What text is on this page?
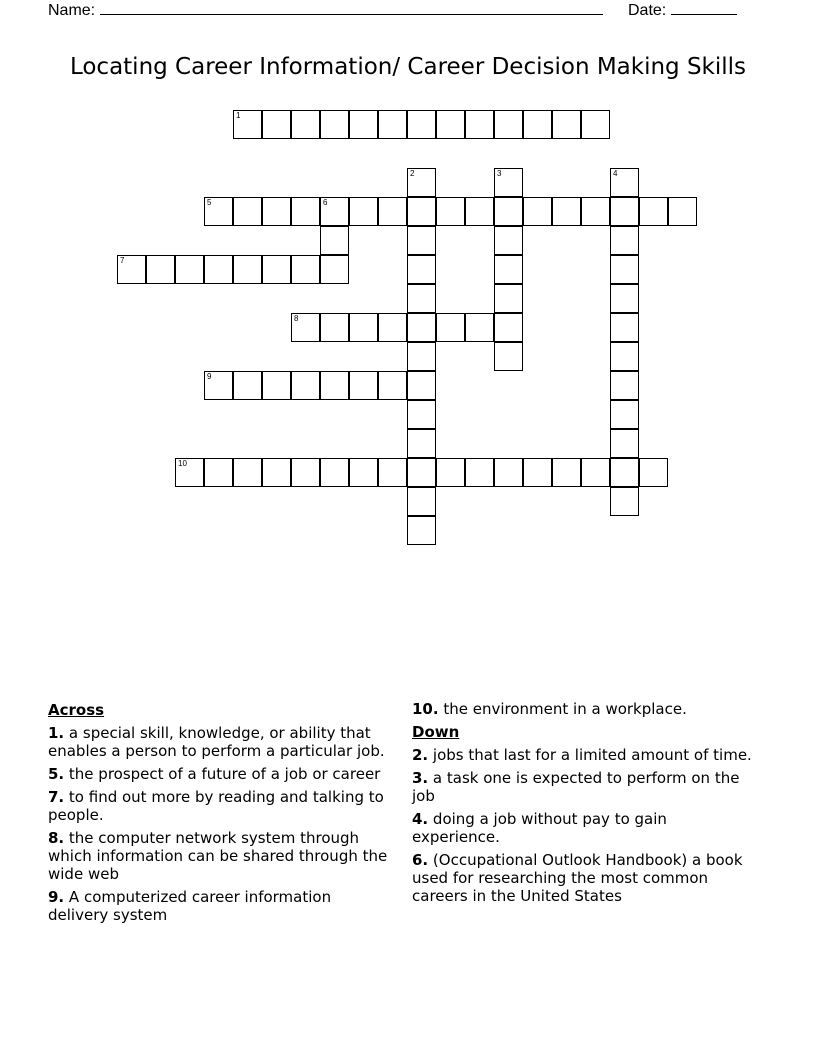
Name:	Date:
Locating Career Information/ Career Decision Making Skills
1
2	3	4
5	6
7
8
9
10
Across
1. a special skill, knowledge, or ability that enables a person to perform a particular job.
5. the prospect of a future of a job or career
7. to find out more by reading and talking to people.
8. the computer network system through which information can be shared through the wide web
9. A computerized career information delivery system
10. the environment in a workplace.
Down
2. jobs that last for a limited amount of time.
3. a task one is expected to perform on the job
4. doing a job without pay to gain experience.
6. (Occupational Outlook Handbook) a book used for researching the most common careers in the United States
